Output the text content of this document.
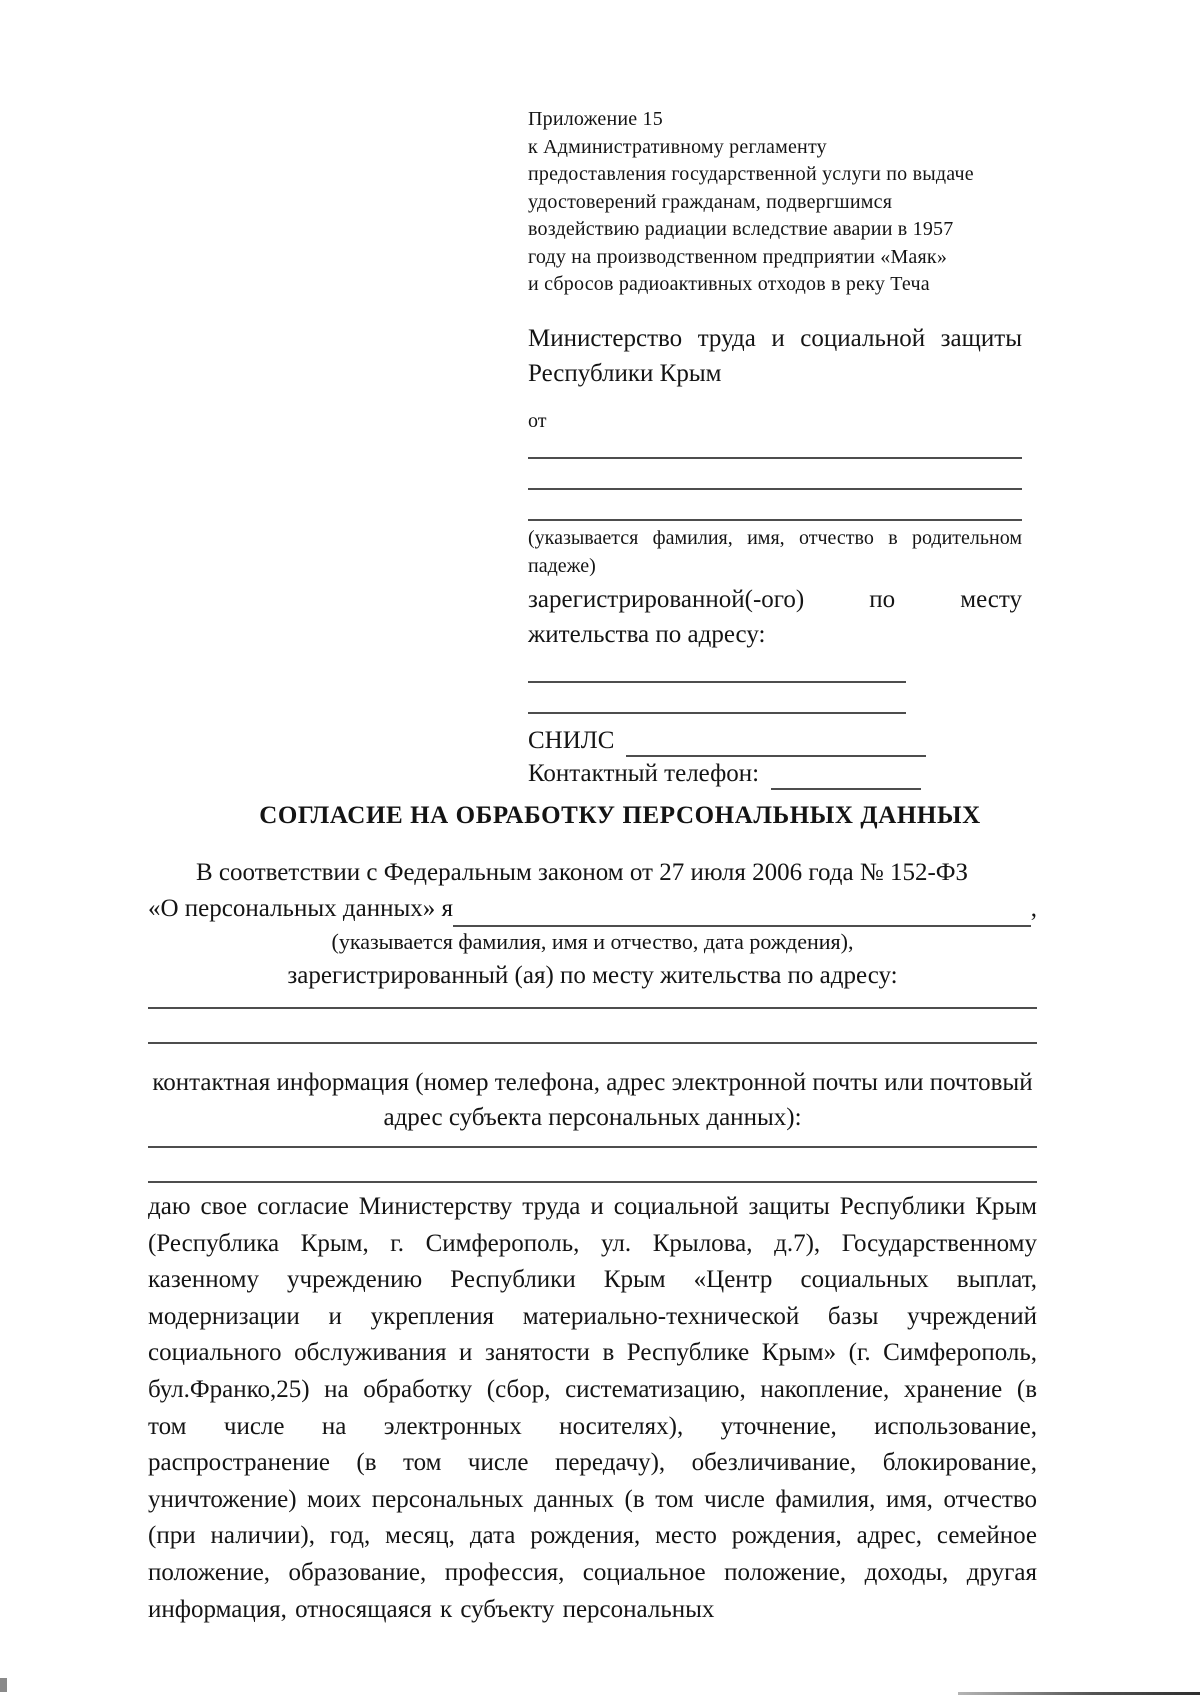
Приложение 15
к Административному регламенту
предоставления государственной услуги по выдаче
удостоверений гражданам, подвергшимся
воздействию радиации вследствие аварии в 1957
году на производственном предприятии «Маяк»
и сбросов радиоактивных отходов в реку Теча
Министерство труда и социальной защиты Республики Крым
от
(указывается фамилия, имя, отчество в родительном падеже)
зарегистрированной(-ого) по месту жительства по адресу:
СНИЛС
Контактный телефон:
СОГЛАСИЕ НА ОБРАБОТКУ ПЕРСОНАЛЬНЫХ ДАННЫХ
В соответствии с Федеральным законом от 27 июля 2006 года № 152-ФЗ
«О персональных данных» я	,
(указывается фамилия, имя и отчество, дата рождения),
зарегистрированный (ая) по месту жительства по адресу:
контактная информация (номер телефона, адрес электронной почты или почтовый адрес субъекта персональных данных):

даю свое согласие Министерству труда и социальной защиты Республики Крым (Республика Крым, г. Симферополь, ул. Крылова, д.7), Государственному казенному учреждению Республики Крым «Центр социальных выплат, модернизации и укрепления материально-технической базы учреждений социального обслуживания и занятости в Республике Крым» (г. Симферополь, бул.Франко,25) на обработку (сбор, систематизацию, накопление, хранение (в том числе на электронных носителях), уточнение, использование, распространение (в том числе передачу), обезличивание, блокирование, уничтожение) моих персональных данных (в том числе фамилия, имя, отчество (при наличии), год, месяц, дата рождения, место рождения, адрес, семейное положение, образование, профессия, социальное положение, доходы, другая информация, относящаяся к субъекту персональных
